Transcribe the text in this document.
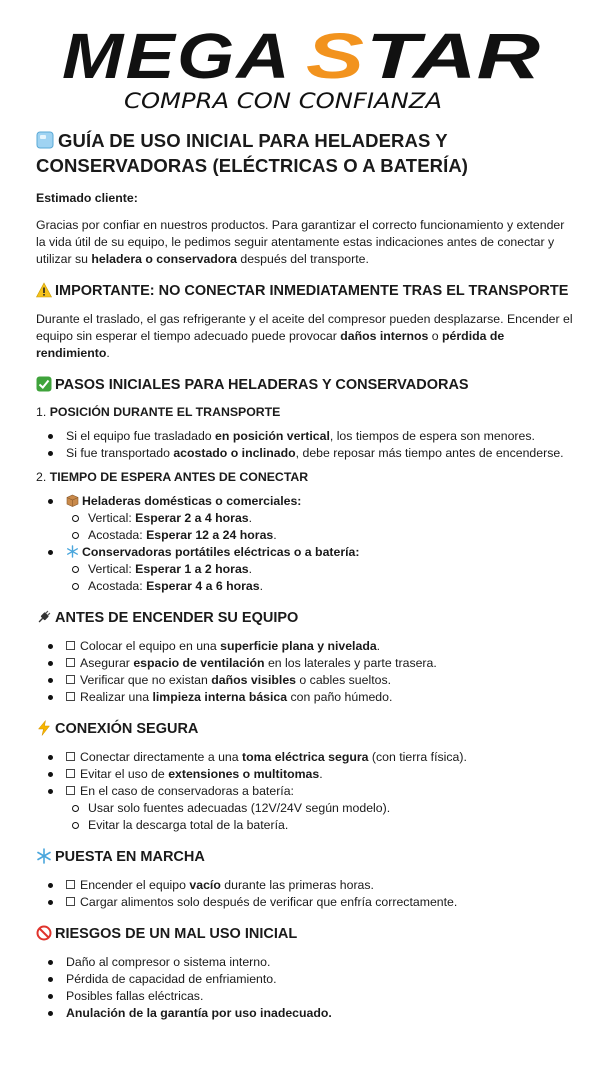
MEGA S TAR
COMPRA CON CONFIANZA
GUÍA DE USO INICIAL PARA HELADERAS Y
CONSERVADORAS (ELÉCTRICAS O A BATERÍA)
Estimado cliente:
Gracias por confiar en nuestros productos. Para garantizar el correcto funcionamiento y extender la vida útil de su equipo, le pedimos seguir atentamente estas indicaciones antes de conectar y utilizar su heladera o conservadora después del transporte.
IMPORTANTE: NO CONECTAR INMEDIATAMENTE TRAS EL TRANSPORTE
Durante el traslado, el gas refrigerante y el aceite del compresor pueden desplazarse. Encender el equipo sin esperar el tiempo adecuado puede provocar daños internos o pérdida de rendimiento.
PASOS INICIALES PARA HELADERAS Y CONSERVADORAS
1. POSICIÓN DURANTE EL TRANSPORTE
Si el equipo fue trasladado en posición vertical, los tiempos de espera son menores.
Si fue transportado acostado o inclinado, debe reposar más tiempo antes de encenderse.
2. TIEMPO DE ESPERA ANTES DE CONECTAR
Heladeras domésticas o comerciales:
Vertical: Esperar 2 a 4 horas.
Acostada: Esperar 12 a 24 horas.
Conservadoras portátiles eléctricas o a batería:
Vertical: Esperar 1 a 2 horas.
Acostada: Esperar 4 a 6 horas.
ANTES DE ENCENDER SU EQUIPO
Colocar el equipo en una superficie plana y nivelada.
Asegurar espacio de ventilación en los laterales y parte trasera.
Verificar que no existan daños visibles o cables sueltos.
Realizar una limpieza interna básica con paño húmedo.
CONEXIÓN SEGURA
Conectar directamente a una toma eléctrica segura (con tierra física).
Evitar el uso de extensiones o multitomas.
En el caso de conservadoras a batería:
Usar solo fuentes adecuadas (12V/24V según modelo).
Evitar la descarga total de la batería.
PUESTA EN MARCHA
Encender el equipo vacío durante las primeras horas.
Cargar alimentos solo después de verificar que enfría correctamente.
RIESGOS DE UN MAL USO INICIAL
Daño al compresor o sistema interno.
Pérdida de capacidad de enfriamiento.
Posibles fallas eléctricas.
Anulación de la garantía por uso inadecuado.
